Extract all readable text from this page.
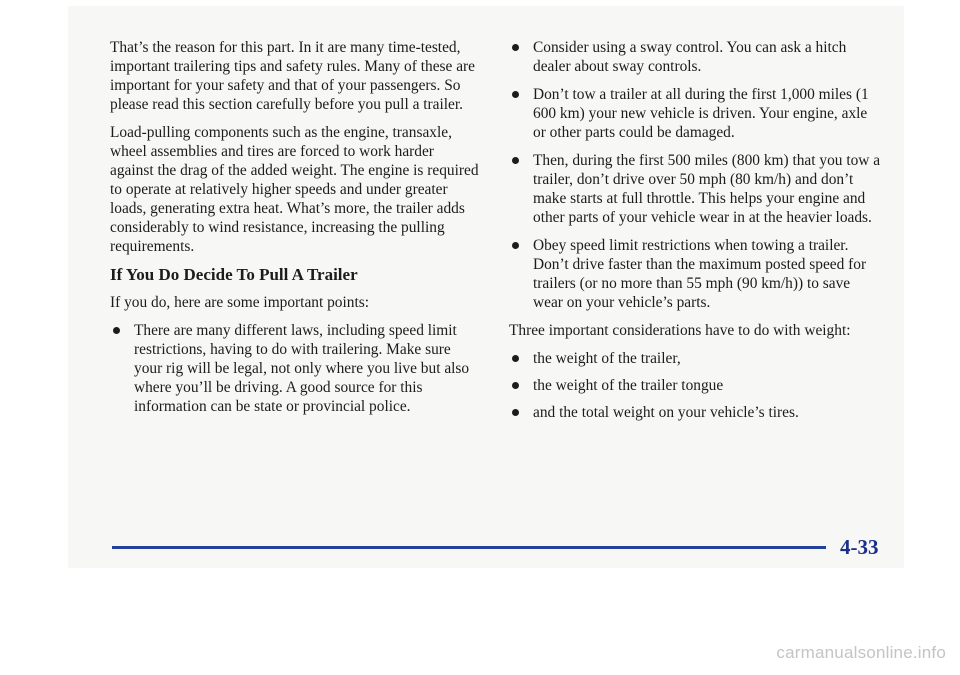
That’s the reason for this part. In it are many time-tested, important trailering tips and safety rules. Many of these are important for your safety and that of your passengers. So please read this section carefully before you pull a trailer.

Load-pulling components such as the engine, transaxle, wheel assemblies and tires are forced to work harder against the drag of the added weight. The engine is required to operate at relatively higher speeds and under greater loads, generating extra heat. What’s more, the trailer adds considerably to wind resistance, increasing the pulling requirements.

If You Do Decide To Pull A Trailer

If you do, here are some important points:

There are many different laws, including speed limit restrictions, having to do with trailering. Make sure your rig will be legal, not only where you live but also where you’ll be driving. A good source for this information can be state or provincial police.
Consider using a sway control. You can ask a hitch dealer about sway controls.
Don’t tow a trailer at all during the first 1,000 miles (1 600 km) your new vehicle is driven. Your engine, axle or other parts could be damaged.
Then, during the first 500 miles (800 km) that you tow a trailer, don’t drive over 50 mph (80 km/h) and don’t make starts at full throttle. This helps your engine and other parts of your vehicle wear in at the heavier loads.
Obey speed limit restrictions when towing a trailer. Don’t drive faster than the maximum posted speed for trailers (or no more than 55 mph (90 km/h)) to save wear on your vehicle’s parts.

Three important considerations have to do with weight:

the weight of the trailer,
the weight of the trailer tongue
and the total weight on your vehicle’s tires.
4-33
carmanualsonline.info
